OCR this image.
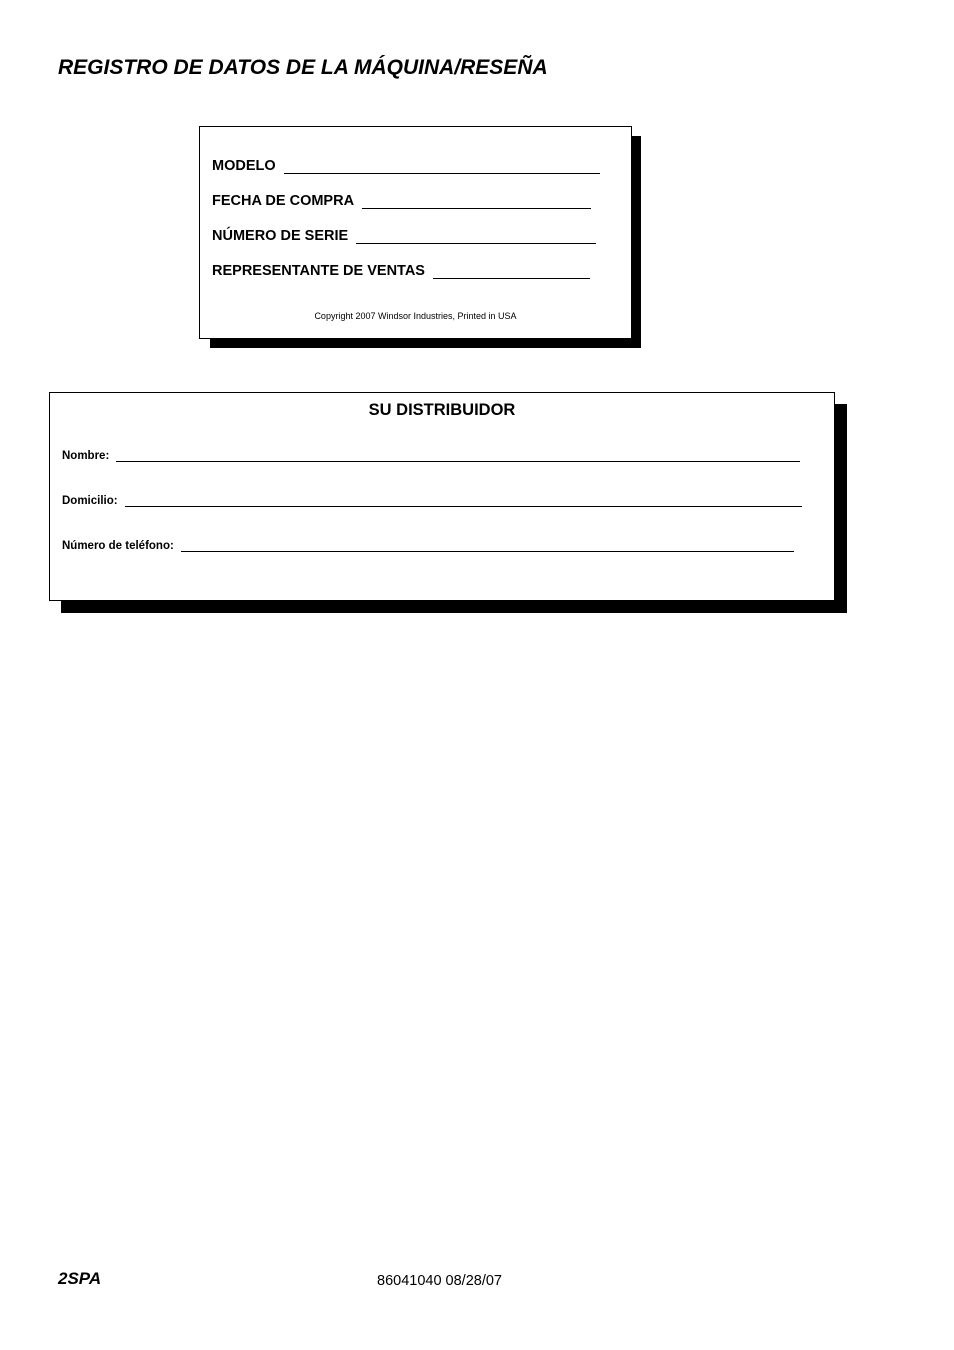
REGISTRO DE DATOS DE LA MÁQUINA/RESEÑA
MODELO
FECHA DE COMPRA
NÚMERO DE SERIE
REPRESENTANTE DE VENTAS
Copyright 2007 Windsor Industries, Printed in USA
SU DISTRIBUIDOR
Nombre:
Domicilio:
Número de teléfono:
2SPA	86041040 08/28/07
